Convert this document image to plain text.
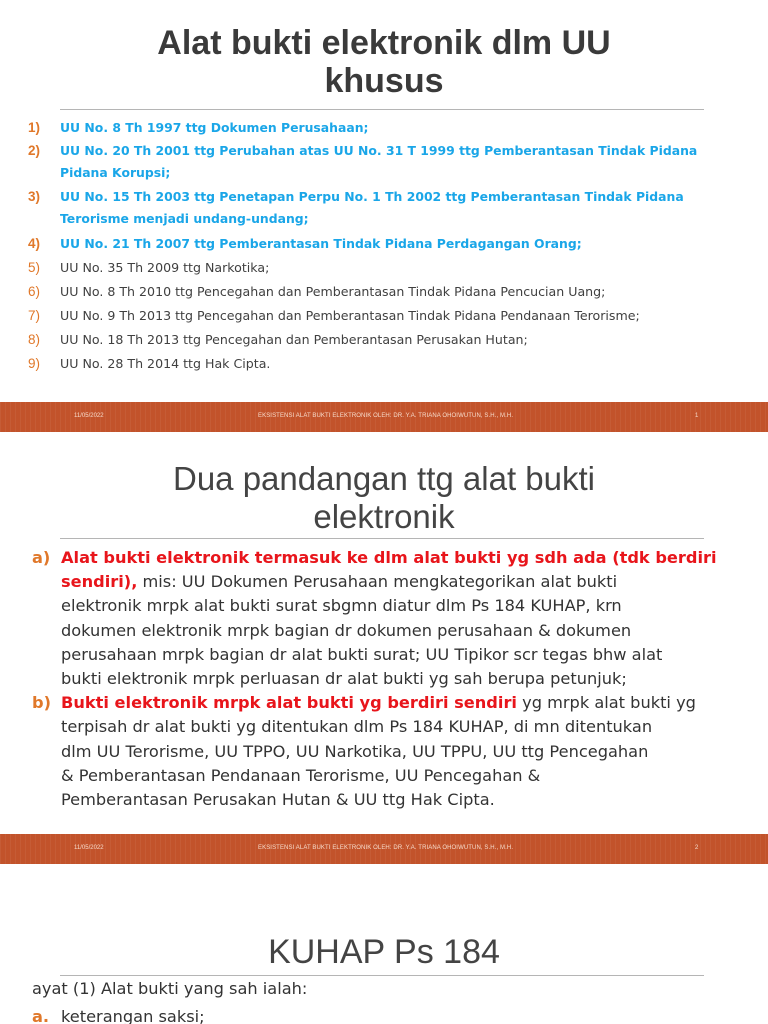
Alat bukti elektronik dlm UU
khusus
1)	UU No. 8 Th 1997 ttg Dokumen Perusahaan;
2)	UU No. 20 Th 2001 ttg Perubahan atas UU No. 31 T 1999 ttg Pemberantasan Tindak Pidana
Pidana Korupsi;
3)	UU No. 15 Th 2003 ttg Penetapan Perpu No. 1 Th 2002 ttg Pemberantasan Tindak Pidana
Terorisme menjadi undang-undang;
4)	UU No. 21 Th 2007 ttg Pemberantasan Tindak Pidana Perdagangan Orang;
5)	UU No. 35 Th 2009 ttg Narkotika;
6)	UU No. 8 Th 2010 ttg Pencegahan dan Pemberantasan Tindak Pidana Pencucian Uang;
7)	UU No. 9 Th 2013 ttg Pencegahan dan Pemberantasan Tindak Pidana Pendanaan Terorisme;
8)	UU No. 18 Th 2013 ttg Pencegahan dan Pemberantasan Perusakan Hutan;
9)	UU No. 28 Th 2014 ttg Hak Cipta.
11/05/2022	EKSISTENSI ALAT BUKTI ELEKTRONIK OLEH: DR. Y.A. TRIANA OHOIWUTUN, S.H., M.H.	1
Dua pandangan ttg alat bukti
elektronik
a) Alat bukti elektronik termasuk ke dlm alat bukti yg sdh ada (tdk berdiri
sendiri), mis: UU Dokumen Perusahaan mengkategorikan alat bukti
elektronik mrpk alat bukti surat sbgmn diatur dlm Ps 184 KUHAP, krn
dokumen elektronik mrpk bagian dr dokumen perusahaan & dokumen
perusahaan mrpk bagian dr alat bukti surat; UU Tipikor scr tegas bhw alat
bukti elektronik mrpk perluasan dr alat bukti yg sah berupa petunjuk;
b) Bukti elektronik mrpk alat bukti yg berdiri sendiri yg mrpk alat bukti yg
terpisah dr alat bukti yg ditentukan dlm Ps 184 KUHAP, di mn ditentukan
dlm UU Terorisme, UU TPPO, UU Narkotika, UU TPPU, UU ttg Pencegahan
& Pemberantasan Pendanaan Terorisme, UU Pencegahan &
Pemberantasan Perusakan Hutan & UU ttg Hak Cipta.
11/05/2022	EKSISTENSI ALAT BUKTI ELEKTRONIK OLEH: DR. Y.A. TRIANA OHOIWUTUN, S.H., M.H.	2
KUHAP Ps 184
ayat (1) Alat bukti yang sah ialah:
a. keterangan saksi;
